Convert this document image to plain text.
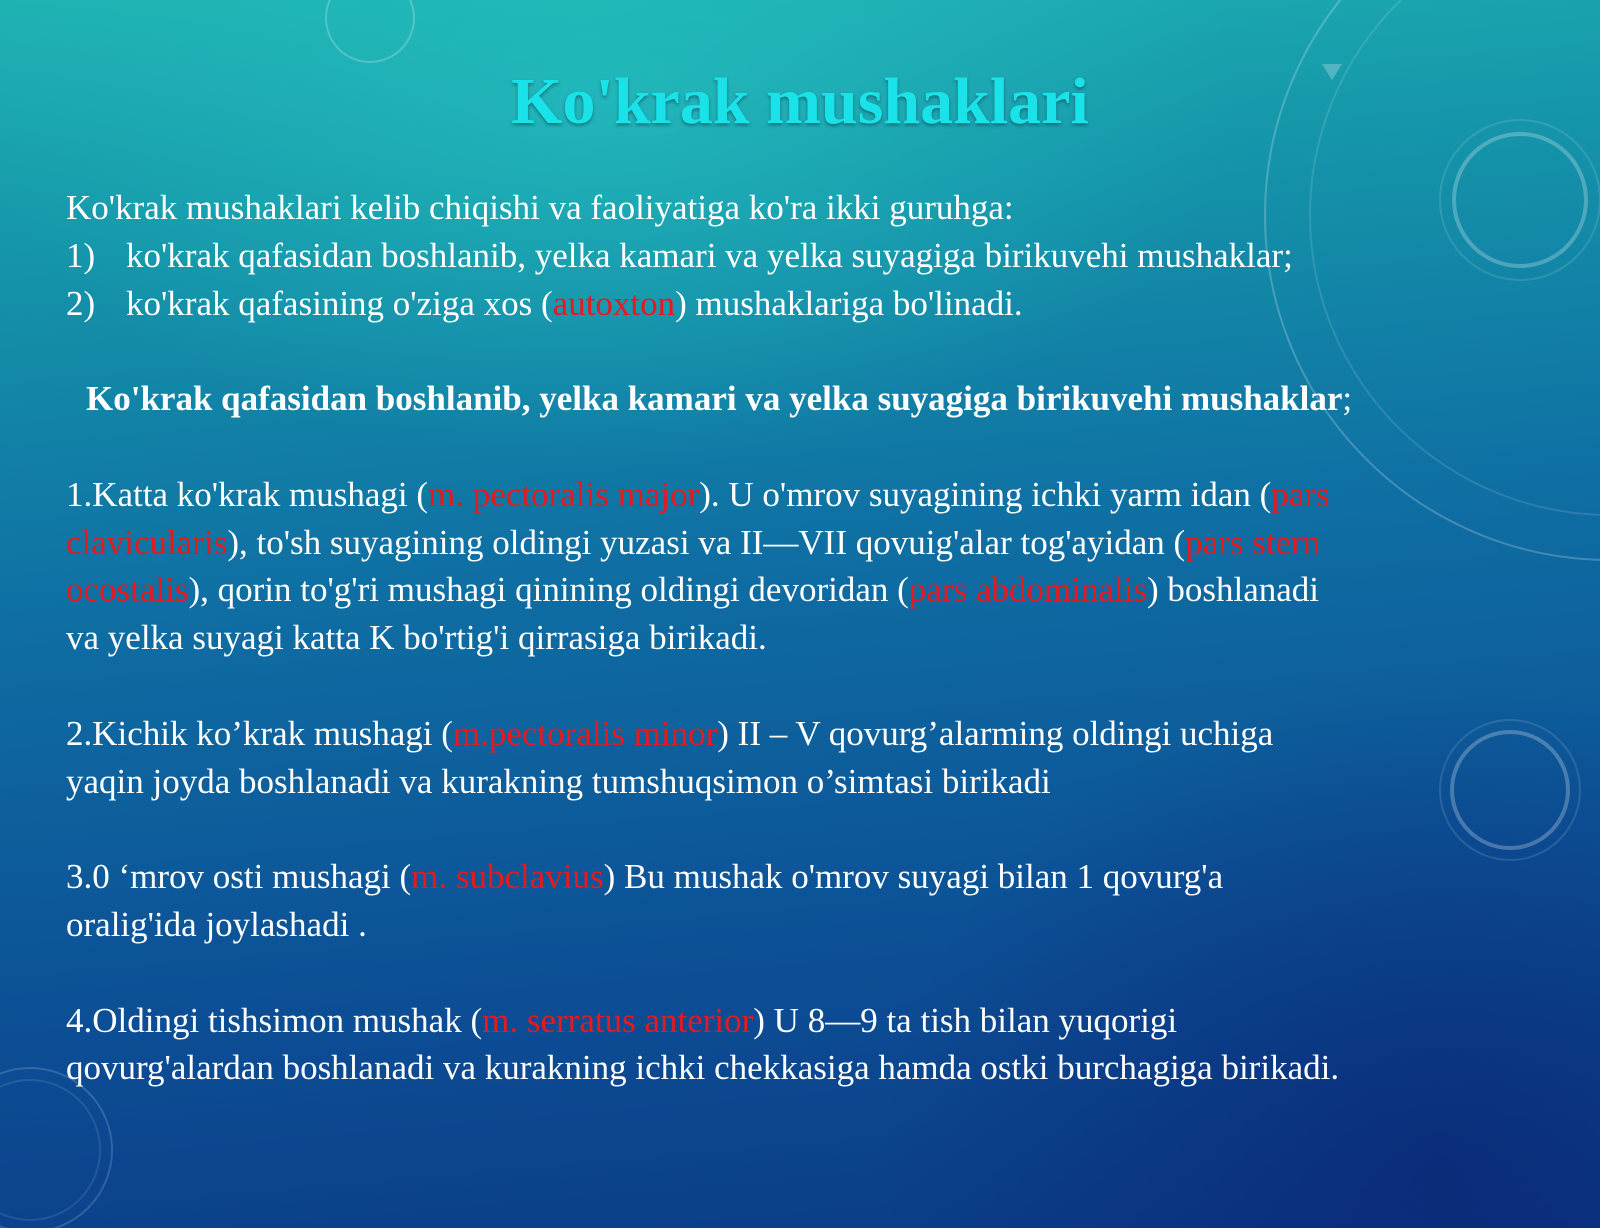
Ko'krak mushaklari
Ko'krak mushaklari kelib chiqishi va faoliyatiga ko'ra ikki guruhga:
1) ko'krak qafasidan boshlanib, yelka kamari va yelka suyagiga birikuvehi mushaklar;
2) ko'krak qafasining o'ziga xos (autoxton) mushaklariga bo'linadi.
Ko'krak qafasidan boshlanib, yelka kamari va yelka suyagiga birikuvehi mushaklar;
1.Katta ko'krak mushagi (m. pectoralis major). U o'mrov suyagining ichki yarm idan (pars
clavicularis), to'sh suyagining oldingi yuzasi va II—VII qovuig'alar tog'ayidan (pars stern
ocostalis), qorin to'g'ri mushagi qinining oldingi devoridan (pars abdominalis) boshlanadi
va yelka suyagi katta K bo'rtig'i qirrasiga birikadi.
2.Kichik ko’krak mushagi (m.pectoralis minor) II – V qovurg’alarming oldingi uchiga
yaqin joyda boshlanadi va kurakning tumshuqsimon o’simtasi birikadi
3.0 ‘mrov osti mushagi (m. subclavius) Bu mushak o'mrov suyagi bilan 1 qovurg'a
oralig'ida joylashadi .
4.Oldingi tishsimon mushak (m. serratus anterior) U 8—9 ta tish bilan yuqorigi
qovurg'alardan boshlanadi va kurakning ichki chekkasiga hamda ostki burchagiga birikadi.
